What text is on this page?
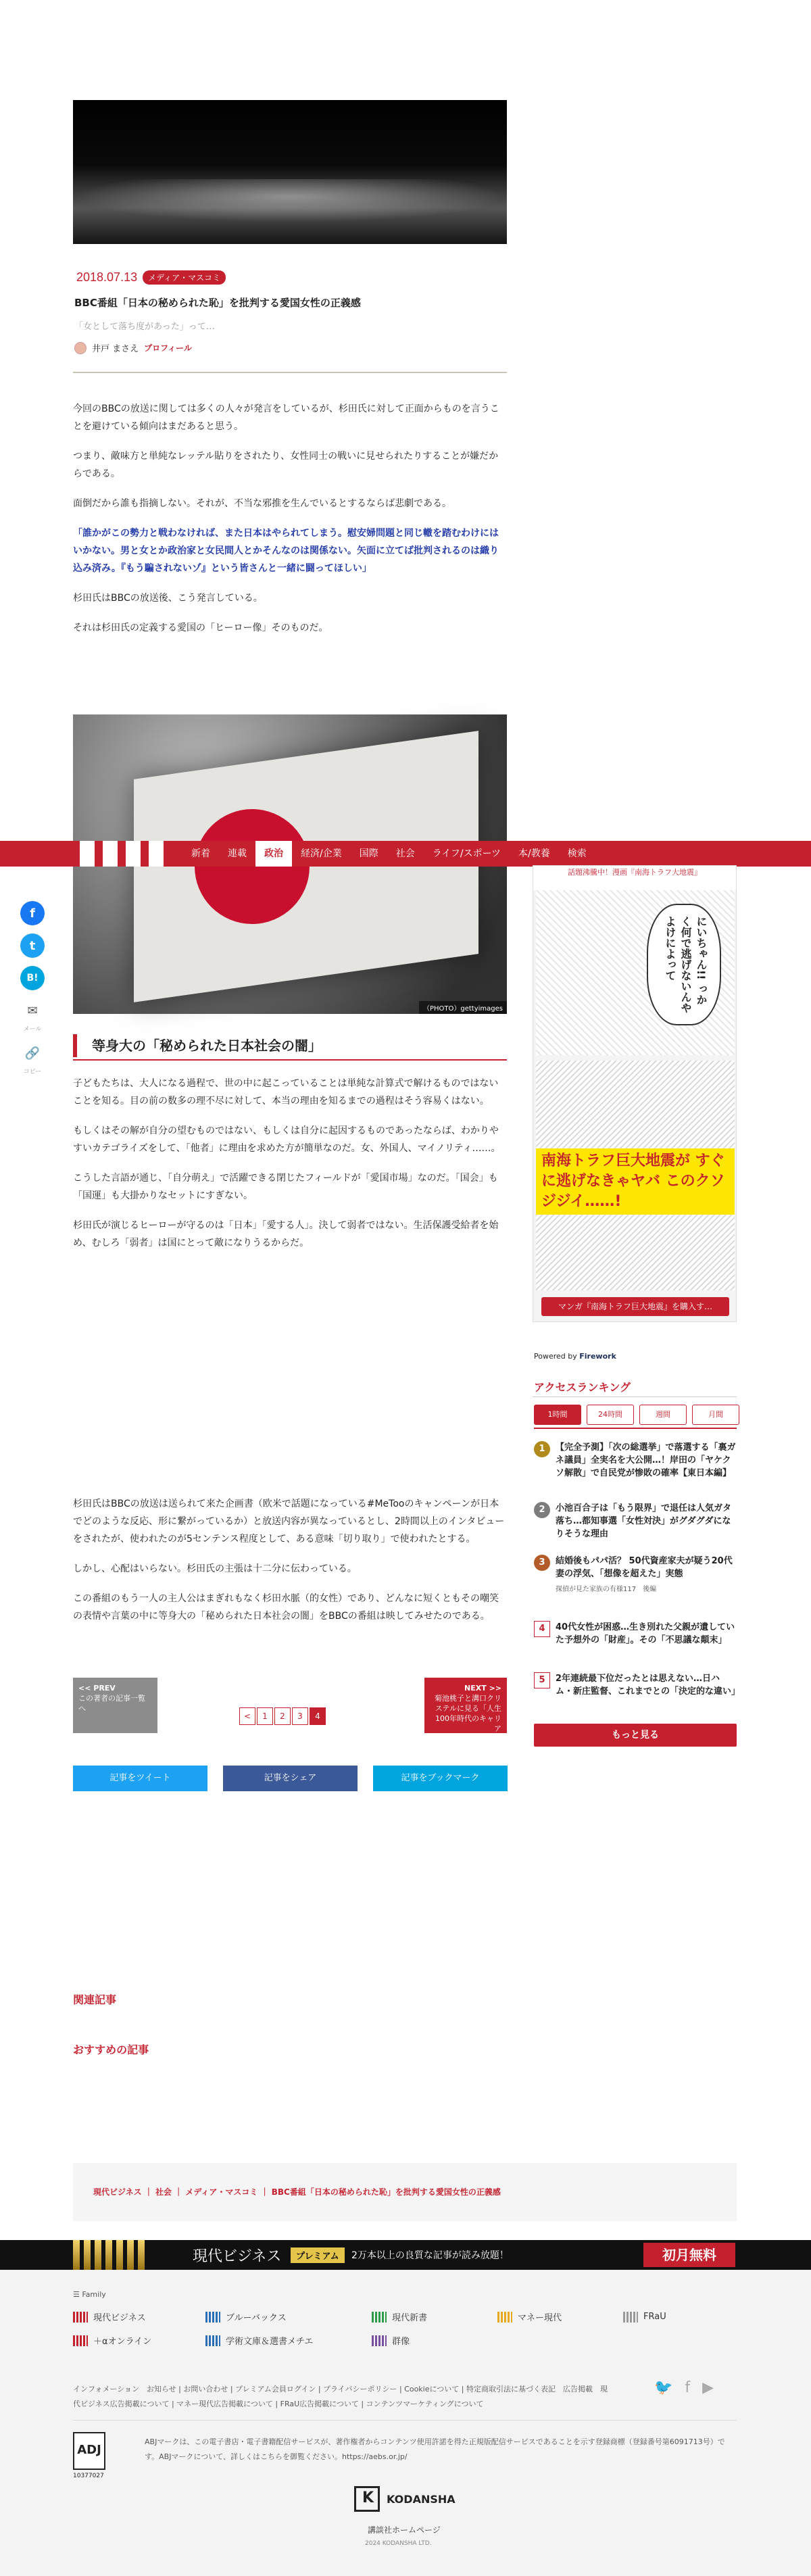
2018.07.13	メディア・マスコミ
BBC番組「日本の秘められた恥」を批判する愛国女性の正義感
「女として落ち度があった」って…
井戸 まさえ プロフィール

今回のBBCの放送に関しては多くの人々が発言をしているが、杉田氏に対して正面からものを言うことを避けている傾向はまだあると思う。

つまり、敵味方と単純なレッテル貼りをされたり、女性同士の戦いに見せられたりすることが嫌だからである。

面倒だから誰も指摘しない。それが、不当な邪推を生んでいるとするならば悲劇である。

「誰かがこの勢力と戦わなければ、また日本はやられてしまう。慰安婦問題と同じ轍を踏むわけにはいかない。男と女とか政治家と女民間人とかそんなのは関係ない。矢面に立てば批判されるのは織り込み済み。『もう騙されないゾ』という皆さんと一緒に闘ってほしい」

杉田氏はBBCの放送後、こう発言している。

それは杉田氏の定義する愛国の「ヒーロー像」そのものだ。

（PHOTO）gettyimages
新着	連載	政治	経済/企業	国際	社会	ライフ/スポーツ	本/教養	検索
f
t
B!
✉
メール
🔗
コピー
等身大の「秘められた日本社会の闇」

子どもたちは、大人になる過程で、世の中に起こっていることは単純な計算式で解けるものではないことを知る。目の前の数多の理不尽に対して、本当の理由を知るまでの過程はそう容易くはない。

もしくはその解が自分の望むものではない、もしくは自分に起因するものであったならば、わかりやすいカテゴライズをして、「他者」に理由を求めた方が簡単なのだ。女、外国人、マイノリティ……。

こうした言語が通じ、「自分萌え」で活躍できる閉じたフィールドが「愛国市場」なのだ。「国会」も「国運」も大掛かりなセットにすぎない。

杉田氏が演じるヒーローが守るのは「日本」「愛する人」。決して弱者ではない。生活保護受給者を始め、むしろ「弱者」は国にとって敵になりうるからだ。

杉田氏はBBCの放送は送られて来た企画書（欧米で話題になっている#MeTooのキャンペーンが日本でどのような反応、形に繋がっているか）と放送内容が異なっているとし、2時間以上のインタビューをされたが、使われたのが5センテンス程度として、ある意味「切り取り」で使われたとする。

しかし、心配はいらない。杉田氏の主張は十二分に伝わっている。

この番組のもう一人の主人公はまぎれもなく杉田水脈（的女性）であり、どんなに短くともその嘲笑の表情や言葉の中に等身大の「秘められた日本社会の闇」をBBCの番組は映してみせたのである。

話題沸騰中！漫画『南海トラフ大地震』
にいちゃん!! っかく何で逃げないんや よけによって
南海トラフ巨大地震が すぐに逃げなきゃヤバ このクソジジイ……!
マンガ『南海トラフ巨大地震』を購入す…
Powered by Firework
アクセスランキング
1時間	24時間	週間	月間
1	【完全予測】「次の総選挙」で落選する「裏ガネ議員」全実名を大公開…！岸田の「ヤケクソ解散」で自民党が惨敗の確率【東日本編】
2	小池百合子は「もう限界」で退任は人気ガタ落ち…都知事選「女性対決」がグダグダになりそうな理由
3	結婚後もパパ活？ 50代資産家夫が疑う20代妻の浮気、「想像を超えた」実態
探偵が見た家族の有様117　後編
4	40代女性が困惑…生き別れた父親が遺していた予想外の「財産」。その「不思議な顛末」
5	2年連続最下位だったとは思えない…日ハム・新庄監督、これまでとの「決定的な違い」
もっと見る
<< PREV
この著者の記事一覧へ
<	1	2	3	4
NEXT >>
菊池桃子と溝口クリステルに見る「人生100年時代のキャリア
記事をツイート	記事をシェア	記事をブックマーク
関連記事
おすすめの記事
現代ビジネス ｜ 社会 ｜ メディア・マスコミ ｜ BBC番組「日本の秘められた恥」を批判する愛国女性の正義感
現代ビジネス	プレミアム	2万本以上の良質な記事が読み放題！	初月無料
☰ Family
現代ビジネス	ブルーバックス	現代新書	マネー現代	FRaU
＋αオンライン	学術文庫＆選書メチエ	群像
インフォメーション　お知らせ | お問い合わせ | プレミアム会員ログイン | プライバシーポリシー | Cookieについて | 特定商取引法に基づく表記　広告掲載　現代ビジネス広告掲載について | マネー現代広告掲載について | FRaU広告掲載について | コンテンツマーケティングについて
🐦 f ▶
ADJ
10377027
ABJマークは、この電子書店・電子書籍配信サービスが、著作権者からコンテンツ使用許諾を得た正規版配信サービスであることを示す登録商標（登録番号第6091713号）です。ABJマークについて、詳しくはこちらを御覧ください。https://aebs.or.jp/
K
KODANSHA
講談社ホームページ
2024 KODANSHA LTD.
